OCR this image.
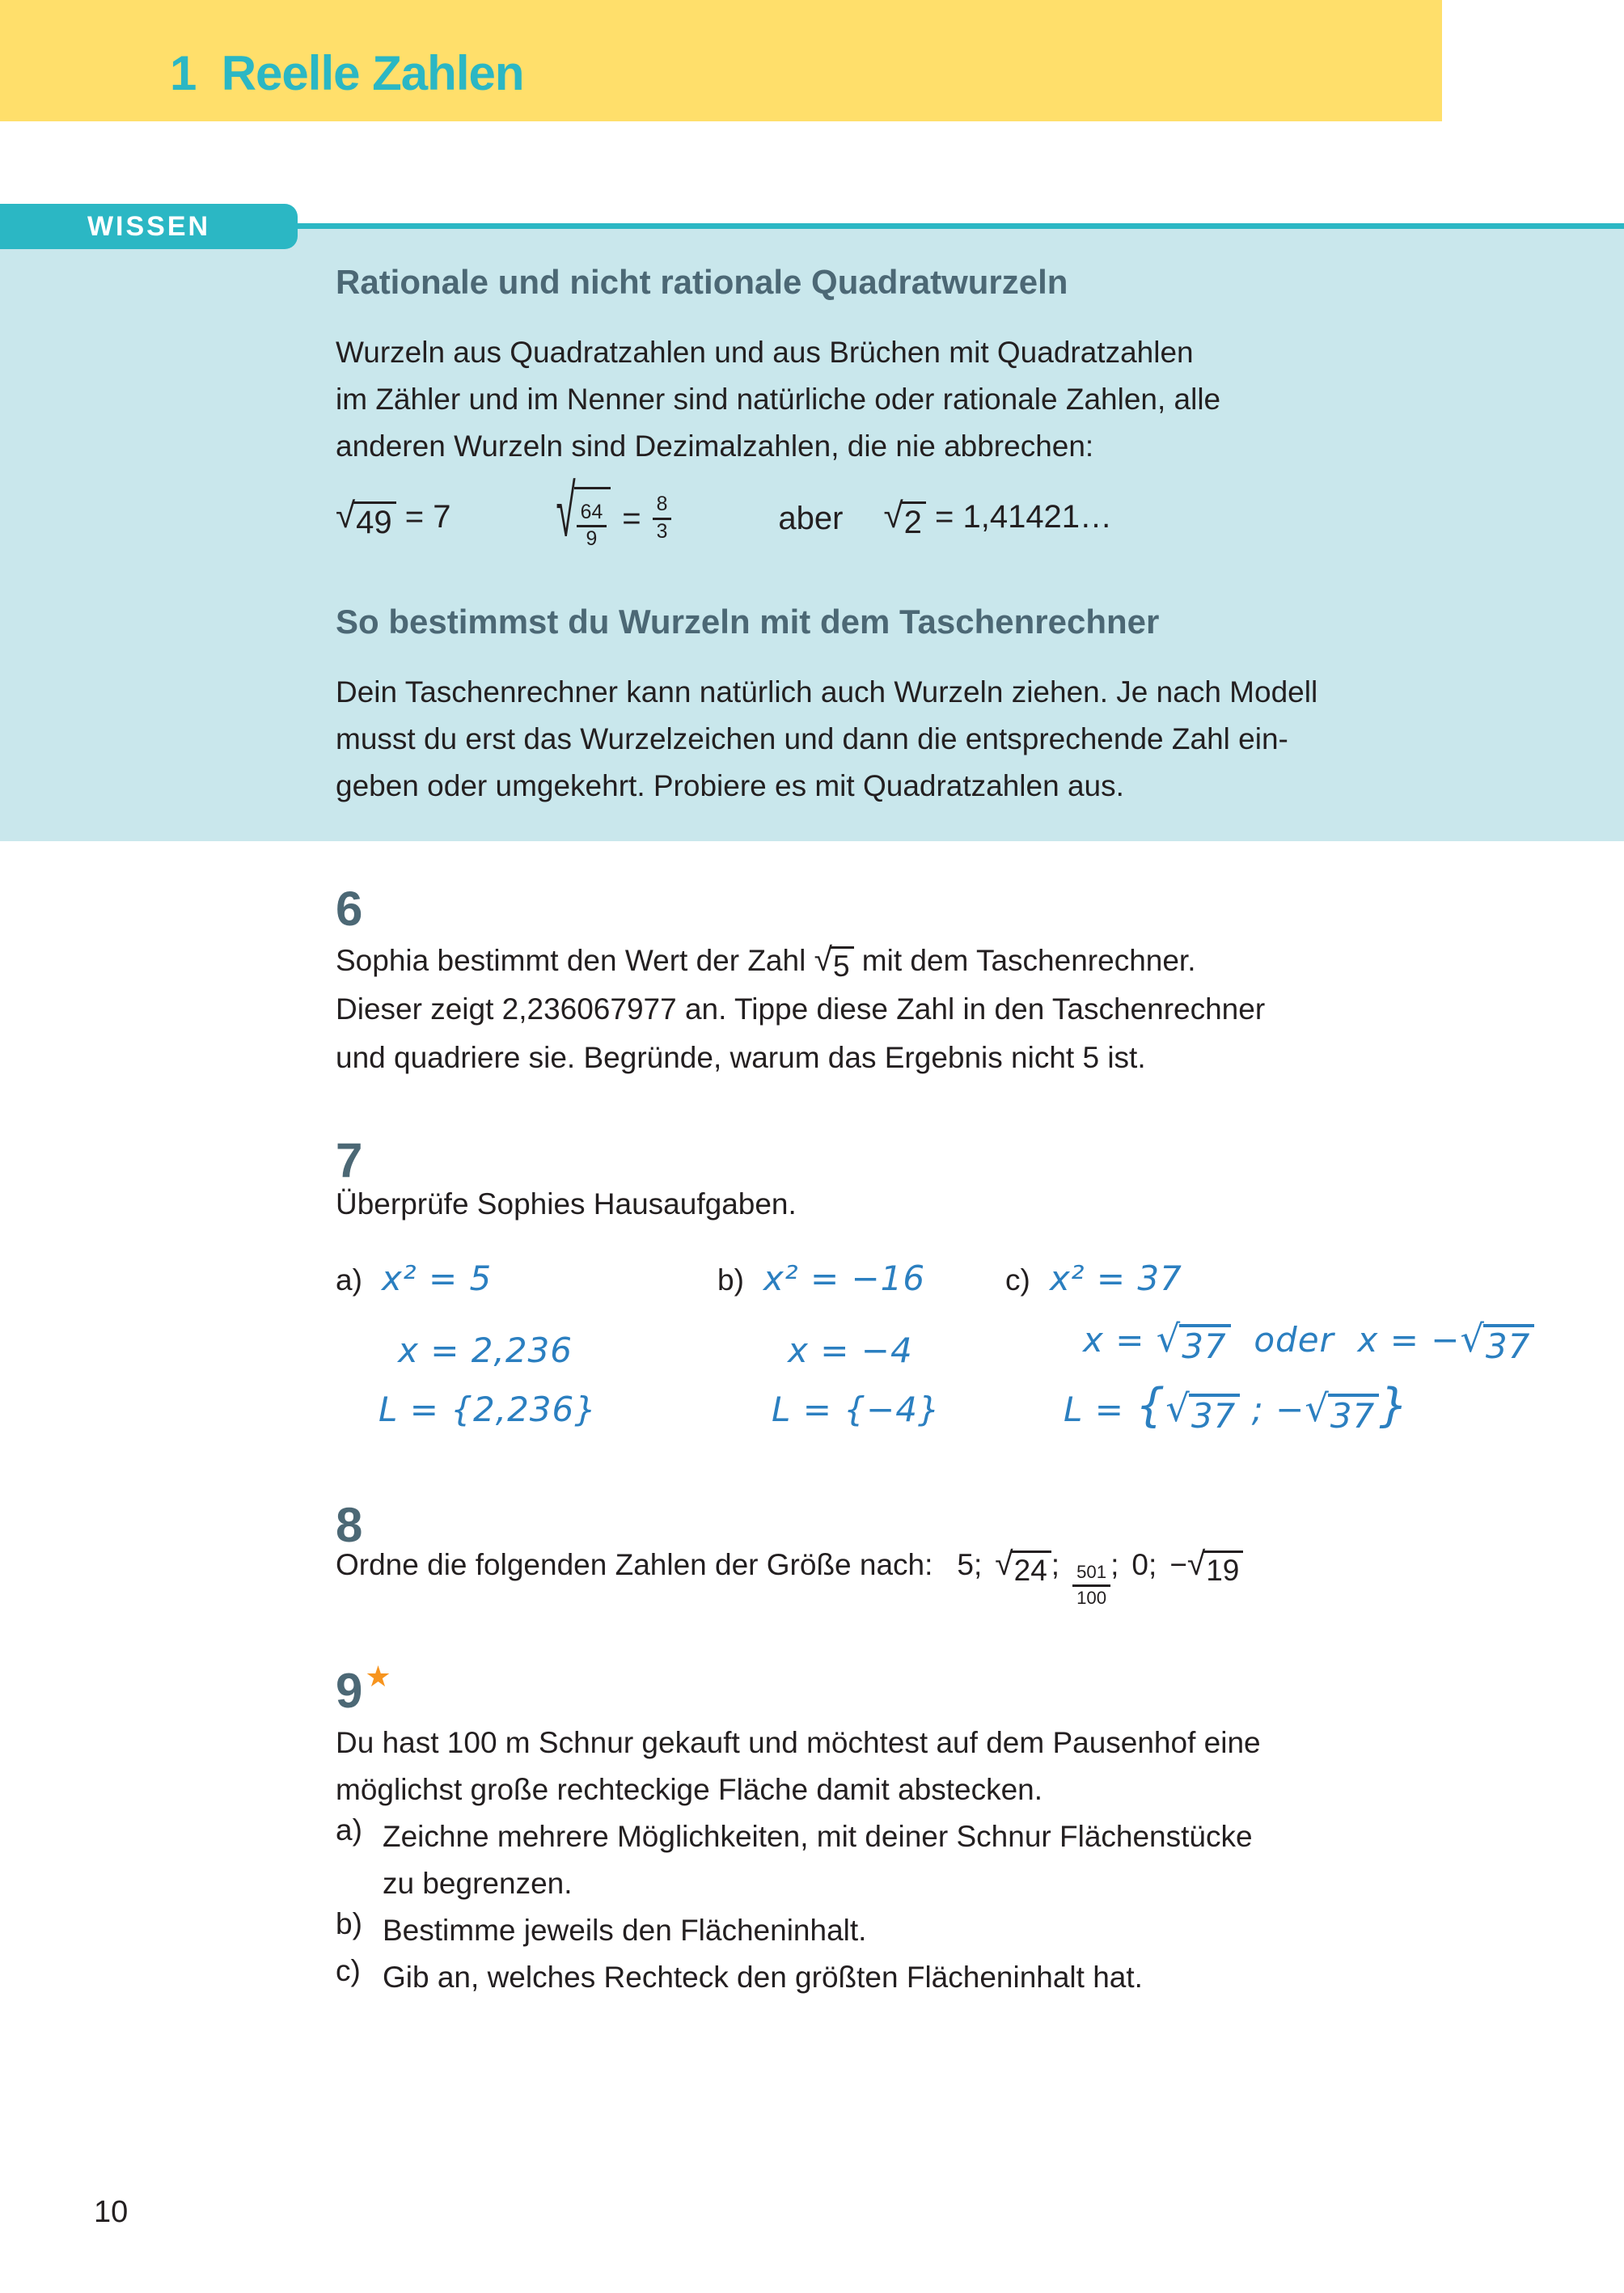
1  Reelle Zahlen
WISSEN
Rationale und nicht rationale Quadratwurzeln
Wurzeln aus Quadratzahlen und aus Brüchen mit Quadratzahlen
im Zähler und im Nenner sind natürliche oder rationale Zahlen, alle
anderen Wurzeln sind Dezimalzahlen, die nie abbrechen:
√ 49 = 7	√ $\frac{64}{9} = \frac{8}{3}$	aber √ 2 = 1,41421…
So bestimmst du Wurzeln mit dem Taschenrechner
Dein Taschenrechner kann natürlich auch Wurzeln ziehen. Je nach Modell
musst du erst das Wurzelzeichen und dann die entsprechende Zahl ein-
geben oder umgekehrt. Probiere es mit Quadratzahlen aus.
6
Sophia bestimmt den Wert der Zahl √ 5 mit dem Taschenrechner.
Dieser zeigt 2,236067977 an. Tippe diese Zahl in den Taschenrechner
und quadriere sie. Begründe, warum das Ergebnis nicht 5 ist.
7
Überprüfe Sophies Hausaufgaben.
a) x² = 5	b) x² = −16	c) x² = 37
x = 2,236	x = −4	x = √ 37 oder  x = − √ 37
L = {2,236}	L = {−4}	L = { √ 37 ; − √ 37 }
8
Ordne die folgenden Zahlen der Größe nach: 5; √ 24 ; $\frac{501}{100}$ ; 0; − √ 19
9★
Du hast 100 m Schnur gekauft und möchtest auf dem Pausenhof eine
möglichst große rechteckige Fläche damit abstecken.
a) Zeichne mehrere Möglichkeiten, mit deiner Schnur Flächenstücke
zu begrenzen.
b) Bestimme jeweils den Flächeninhalt.
c) Gib an, welches Rechteck den größten Flächeninhalt hat.
10
